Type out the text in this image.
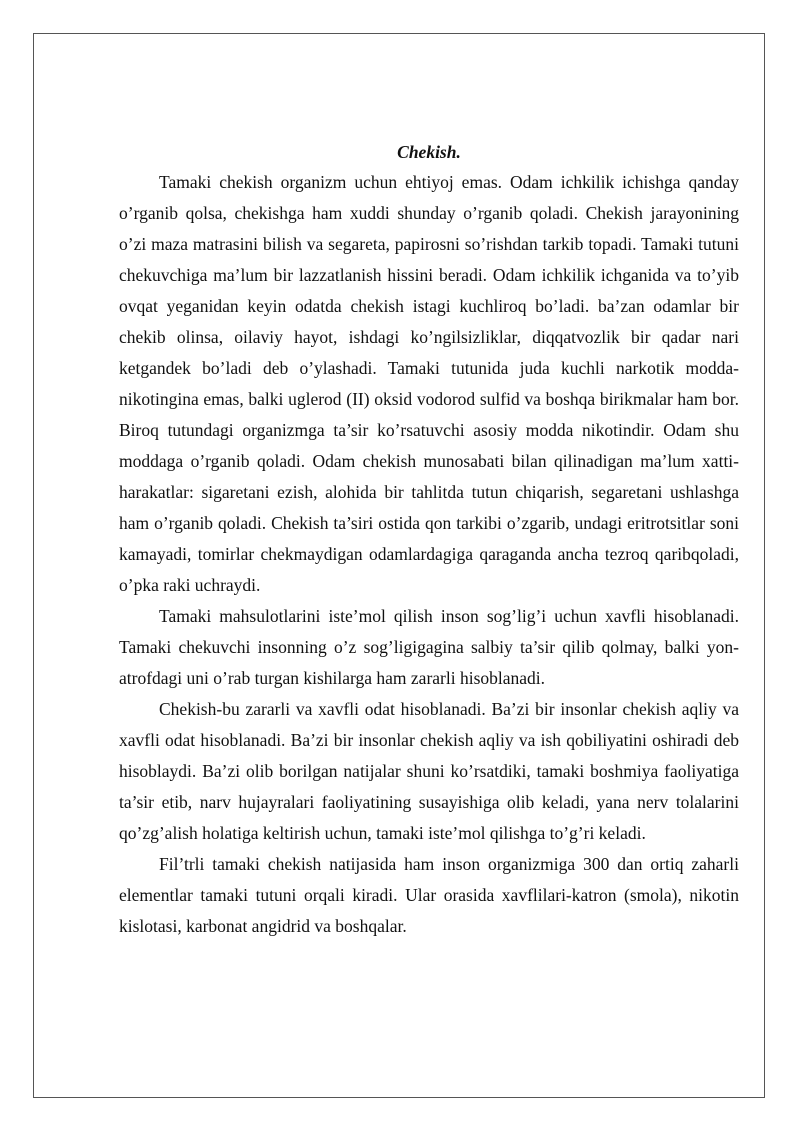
Chekish.

Tamaki chekish organizm uchun ehtiyoj emas. Odam ichkilik ichishga qanday o’rganib qolsa, chekishga ham xuddi shunday o’rganib qoladi. Chekish jarayonining o’zi maza matrasini bilish va segareta, papirosni so’rishdan tarkib topadi. Tamaki tutuni chekuvchiga ma’lum bir lazzatlanish hissini beradi. Odam ichkilik ichganida va to’yib ovqat yeganidan keyin odatda chekish istagi kuchliroq bo’ladi. ba’zan odamlar bir chekib olinsa, oilaviy hayot, ishdagi ko’ngilsizliklar, diqqatvozlik bir qadar nari ketgandek bo’ladi deb o’ylashadi. Tamaki tutunida juda kuchli narkotik modda-nikotingina emas, balki uglerod (II) oksid vodorod sulfid va boshqa birikmalar ham bor. Biroq tutundagi organizmga ta’sir ko’rsatuvchi asosiy modda nikotindir. Odam shu moddaga o’rganib qoladi. Odam chekish munosabati bilan qilinadigan ma’lum xatti-harakatlar: sigaretani ezish, alohida bir tahlitda tutun chiqarish, segaretani ushlashga ham o’rganib qoladi. Chekish ta’siri ostida qon tarkibi o’zgarib, undagi eritrotsitlar soni kamayadi, tomirlar chekmaydigan odamlardagiga qaraganda ancha tezroq qaribqoladi, o’pka raki uchraydi.

Tamaki mahsulotlarini iste’mol qilish inson sog’lig’i uchun xavfli hisoblanadi. Tamaki chekuvchi insonning o’z sog’ligigagina salbiy ta’sir qilib qolmay, balki yon-atrofdagi uni o’rab turgan kishilarga ham zararli hisoblanadi.

Chekish-bu zararli va xavfli odat hisoblanadi. Ba’zi bir insonlar chekish aqliy va xavfli odat hisoblanadi. Ba’zi bir insonlar chekish aqliy va ish qobiliyatini oshiradi deb hisoblaydi. Ba’zi olib borilgan natijalar shuni ko’rsatdiki, tamaki boshmiya faoliyatiga ta’sir etib, narv hujayralari faoliyatining susayishiga olib keladi, yana nerv tolalarini qo’zg’alish holatiga keltirish uchun, tamaki iste’mol qilishga to’g’ri keladi.

Fil’trli tamaki chekish natijasida ham inson organizmiga 300 dan ortiq zaharli elementlar tamaki tutuni orqali kiradi. Ular orasida xavflilari-katron (smola), nikotin kislotasi, karbonat angidrid va boshqalar.
